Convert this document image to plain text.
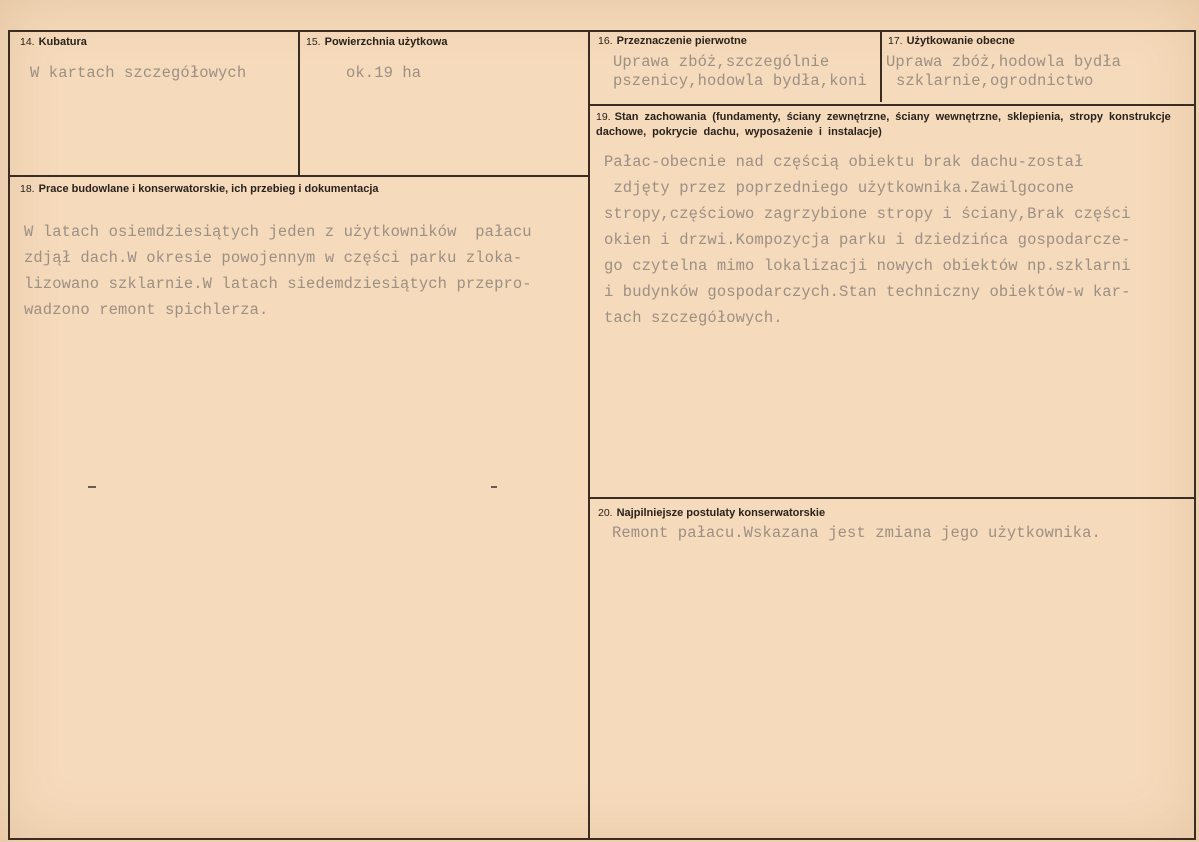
14. Kubatura
W kartach szczegółowych
15. Powierzchnia użytkowa
ok.19 ha
16. Przeznaczenie pierwotne
Uprawa zbóż,szczególnie
pszenicy,hodowla bydła,koni
17. Użytkowanie obecne
Uprawa zbóż,hodowla bydła
szklarnie,ogrodnictwo
18. Prace budowlane i konserwatorskie, ich przebieg i dokumentacja
W latach osiemdziesiątych jeden z użytkowników  pałacu
zdjął dach.W okresie powojennym w części parku zloka-
lizowano szklarnie.W latach siedemdziesiątych przepro-
wadzono remont spichlerza.
19. Stan zachowania (fundamenty, ściany zewnętrzne, ściany wewnętrzne, sklepienia, stropy konstrukcje dachowe, pokrycie dachu, wyposażenie i instalacje)
Pałac-obecnie nad częścią obiektu brak dachu-został
zdjęty przez poprzedniego użytkownika.Zawilgocone
stropy,częściowo zagrzybione stropy i ściany,Brak części
okien i drzwi.Kompozycja parku i dziedzińca gospodarcze-
go czytelna mimo lokalizacji nowych obiektów np.szklarni
i budynków gospodarczych.Stan techniczny obiektów-w kar-
tach szczegółowych.
20. Najpilniejsze postulaty konserwatorskie
Remont pałacu.Wskazana jest zmiana jego użytkownika.
